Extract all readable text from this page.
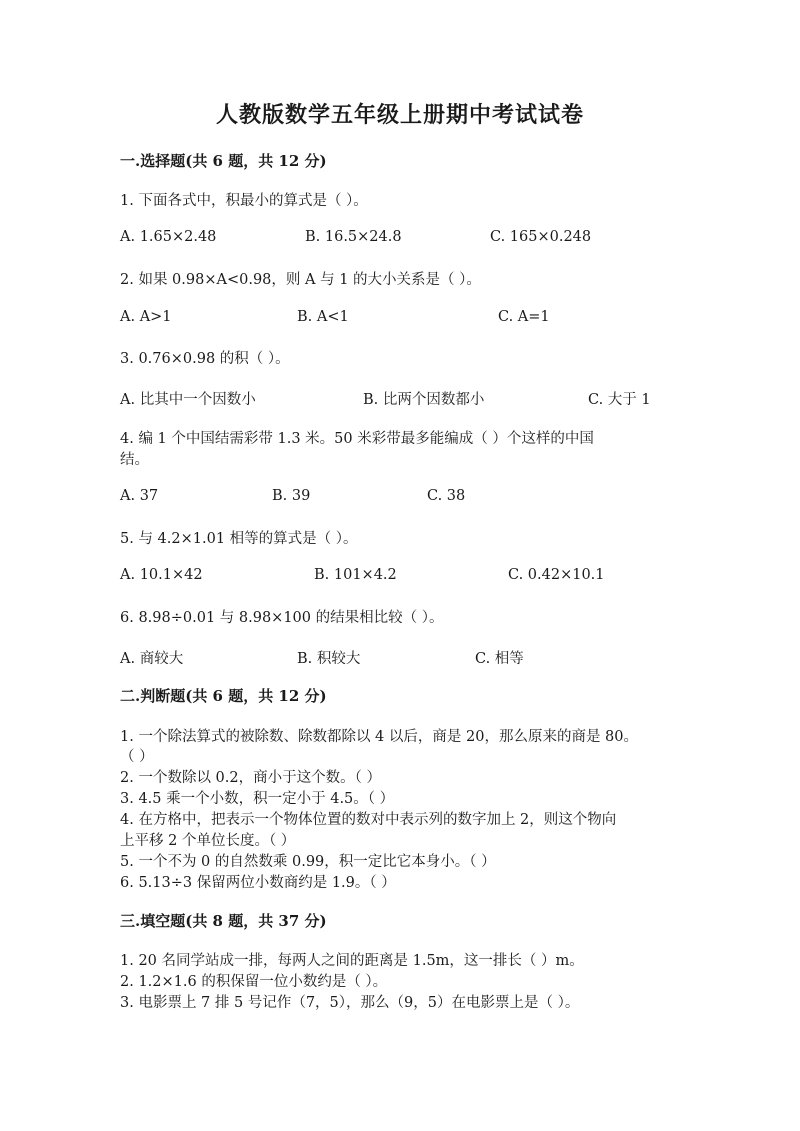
人教版数学五年级上册期中考试试卷
一.选择题(共 6 题，共 12 分)
1. 下面各式中，积最小的算式是（ ）。
A. 1.65×2.48	B. 16.5×24.8	C. 165×0.248
2. 如果 0.98×A<0.98，则 A 与 1 的大小关系是（ ）。
A. A>1	B. A<1	C. A=1
3. 0.76×0.98 的积（ ）。
A. 比其中一个因数小	B. 比两个因数都小	C. 大于 1
4. 编 1 个中国结需彩带 1.3 米。50 米彩带最多能编成（ ）个这样的中国
结。
A. 37	B. 39	C. 38
5. 与 4.2×1.01 相等的算式是（ ）。
A. 10.1×42	B. 101×4.2	C. 0.42×10.1
6. 8.98÷0.01 与 8.98×100 的结果相比较（ ）。
A. 商较大	B. 积较大	C. 相等
二.判断题(共 6 题，共 12 分)
1. 一个除法算式的被除数、除数都除以 4 以后，商是 20，那么原来的商是 80。
（ ）
2. 一个数除以 0.2，商小于这个数。（ ）
3. 4.5 乘一个小数，积一定小于 4.5。（ ）
4. 在方格中，把表示一个物体位置的数对中表示列的数字加上 2，则这个物向
上平移 2 个单位长度。（ ）
5. 一个不为 0 的自然数乘 0.99，积一定比它本身小。（ ）
6. 5.13÷3 保留两位小数商约是 1.9。（ ）
三.填空题(共 8 题，共 37 分)
1. 20 名同学站成一排，每两人之间的距离是 1.5m，这一排长（ ）m。
2. 1.2×1.6 的积保留一位小数约是（ ）。
3. 电影票上 7 排 5 号记作（7，5），那么（9，5）在电影票上是（ ）。
